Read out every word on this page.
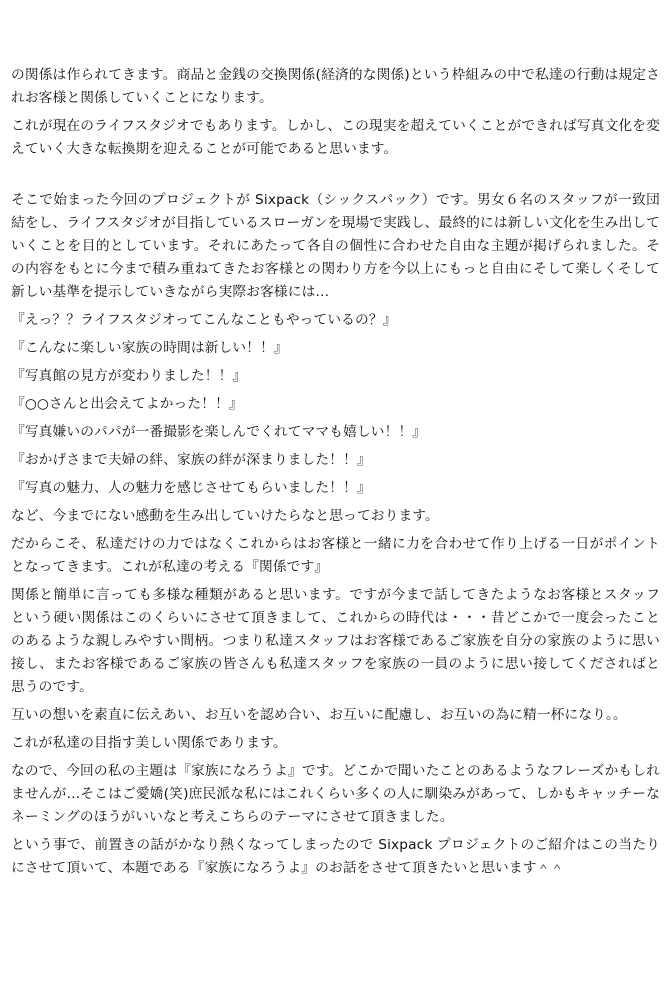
の関係は作られてきます。商品と金銭の交換関係(経済的な関係)という枠組みの中で私達の行動は規定されお客様と関係していくことになります。

これが現在のライフスタジオでもあります。しかし、この現実を超えていくことができれば写真文化を変えていく大きな転換期を迎えることが可能であると思います。

そこで始まった今回のプロジェクトが Sixpack（シックスパック）です。男女６名のスタッフが一致団結をし、ライフスタジオが目指しているスローガンを現場で実践し、最終的には新しい文化を生み出していくことを目的としています。それにあたって各自の個性に合わせた自由な主題が掲げられました。その内容をもとに今まで積み重ねてきたお客様との関わり方を今以上にもっと自由にそして楽しくそして新しい基準を提示していきながら実際お客様には…

『えっ？？ライフスタジオってこんなこともやっているの？』

『こんなに楽しい家族の時間は新しい！！』

『写真館の見方が変わりました！！』

『○○さんと出会えてよかった！！』

『写真嫌いのパパが一番撮影を楽しんでくれてママも嬉しい！！』

『おかげさまで夫婦の絆、家族の絆が深まりました！！』

『写真の魅力、人の魅力を感じさせてもらいました！！』

など、今までにない感動を生み出していけたらなと思っております。

だからこそ、私達だけの力ではなくこれからはお客様と一緒に力を合わせて作り上げる一日がポイントとなってきます。これが私達の考える『関係です』

関係と簡単に言っても多様な種類があると思います。ですが今まで話してきたようなお客様とスタッフという硬い関係はこのくらいにさせて頂きまして、これからの時代は・・・昔どこかで一度会ったことのあるような親しみやすい間柄。つまり私達スタッフはお客様であるご家族を自分の家族のように思い接し、またお客様であるご家族の皆さんも私達スタッフを家族の一員のように思い接してくださればと思うのです。

互いの想いを素直に伝えあい、お互いを認め合い、お互いに配慮し、お互いの為に精一杯になり。。

これが私達の目指す美しい関係であります。

なので、今回の私の主題は『家族になろうよ』です。どこかで聞いたことのあるようなフレーズかもしれませんが…そこはご愛嬌(笑)庶民派な私にはこれくらい多くの人に馴染みがあって、しかもキャッチーなネーミングのほうがいいなと考えこちらのテーマにさせて頂きました。

という事で、前置きの話がかなり熱くなってしまったので Sixpack プロジェクトのご紹介はこの当たりにさせて頂いて、本題である『家族になろうよ』のお話をさせて頂きたいと思います＾＾
